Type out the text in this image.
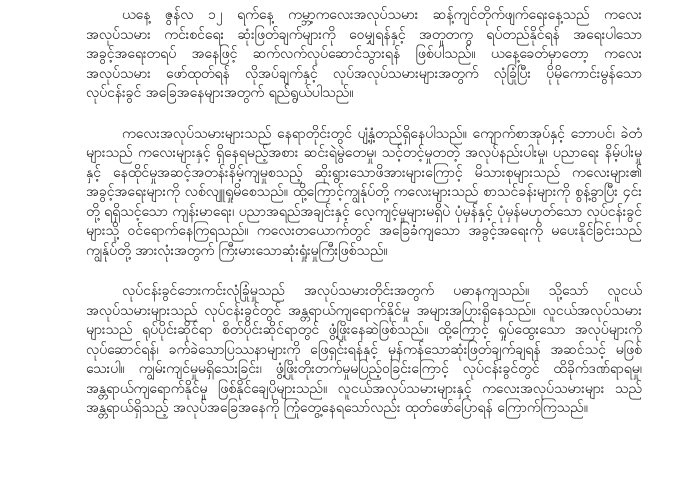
ယနေ့ ဇွန်လ ၁၂ ရက်နေ့ ကမ္ဘာ့ကလေးအလုပ်သမား ဆန့်ကျင်တိုက်ဖျက်ရေးနေ့သည် ကလေးအလုပ်သမား ကင်းစင်ရေး ဆုံးဖြတ်ချက်များကို ဝေမျှရန်နှင့် အတူတကွ ရပ်တည်နိုင်ရန် အရေးပါသော အခွင့်အရေးတရပ် အနေဖြင့် ဆက်လက်လုပ်ဆောင်သွားရန် ဖြစ်ပါသည်။ ယနေ့ခေတ်မှာတော့ ကလေးအလုပ်သမား ဖော်ထုတ်ရန် လိုအပ်ချက်နှင့် လုပ်အလုပ်သမားများအတွက် လုံခြုံပြီး ပိုမိုကောင်းမွန်သော လုပ်ငန်းခွင် အခြေအနေများအတွက် ရည်ရွယ်ပါသည်။

ကလေးအလုပ်သမားများသည် နေရာတိုင်းတွင် ပျံ့နှံ့တည်ရှိနေပါသည်။ ကျောက်စာအုပ်နှင့် ဘောပင်၊ ခဲတံများသည် ကလေးများနှင့် ရှိနေရမည့်အစား ဆင်းရဲမွဲတေမှု၊ သင့်တင့်မှုတတဲ့ အလုပ်နည်းပါးမှု၊ ပညာရေး နိမ့်ပါးမှုနှင့် နေထိုင်မှုအဆင့်အတန်းနိမ့်ကျမှုစသည့် ဆိုးရွားသောဖိအားများကြောင့် မိသားစုများသည် ကလေးများ၏ အခွင့်အရေးများကို လစ်လျူရှုမိစေသည်။ ထို့ကြောင့်ကျွန်ုပ်တို့ ကလေးများသည် စာသင်ခန်းများကို စွန့်ခွာပြီး ၄င်းတို့ ရရှိသင့်သော ကျန်းမာရေး၊ ပညာအရည်အချင်းနှင့် လေ့ကျင့်မှုများမရှိပဲ ပုံမှန်နှင့် ပုံမှန်မဟုတ်သော လုပ်ငန်းခွင်များသို့ ဝင်ရောက်နေကြရသည်။ ကလေးတယောက်တွင် အခြေခံကျသော အခွင့်အရေးကို မပေးနိုင်ခြင်းသည် ကျွန်ုပ်တို့ အားလုံးအတွက် ကြီးမားသောဆုံးရှုံးမှုကြီးဖြစ်သည်။

လုပ်ငန်းခွင်ဘေးကင်းလုံခြုံမှုသည် အလုပ်သမားတိုင်းအတွက် ပဓာနကျသည်။ သို့သော် လူငယ်အလုပ်သမားများသည် လုပ်ငန်းခွင်တွင် အန္တရာယ်ကျရောက်နိုင်မှု အများအပြားရှိနေသည်။ လူငယ်အလုပ်သမားများသည် ရုပ်ပိုင်းဆိုင်ရာ စိတ်ပိုင်းဆိုင်ရာတွင် ဖွံ့ဖြိုးနေဆဲဖြစ်သည်။ ထို့ကြောင့် ရှုပ်ထွေးသော အလုပ်များကို လုပ်ဆောင်ရန်၊ ခက်ခဲသောပြဿနာများကို ဖြေရှင်းရန်နှင့် မှန်ကန်သောဆုံးဖြတ်ချက်ချရန် အဆင်သင့် မဖြစ်သေးပါ။ ကျွမ်းကျင်မှုမရှိသေးခြင်း၊ ဖွံ့ဖြိုးတိုးတက်မှုမပြည့်ဝခြင်းကြောင့် လုပ်ငန်းခွင်တွင် ထိခိုက်ဒဏ်ရာရမှု၊ အန္တရာယ်ကျရောက်နိုင်မှု ဖြစ်နိုင်ချေပိုများသည်။ လူငယ်အလုပ်သမားများနှင့် ကလေးအလုပ်သမားများ သည် အန္တရာယ်ရှိသည့် အလုပ်အခြေအနေကို ကြုံတွေ့နေရသော်လည်း ထုတ်ဖော်ပြောရန် ကြောက်ကြသည်။
